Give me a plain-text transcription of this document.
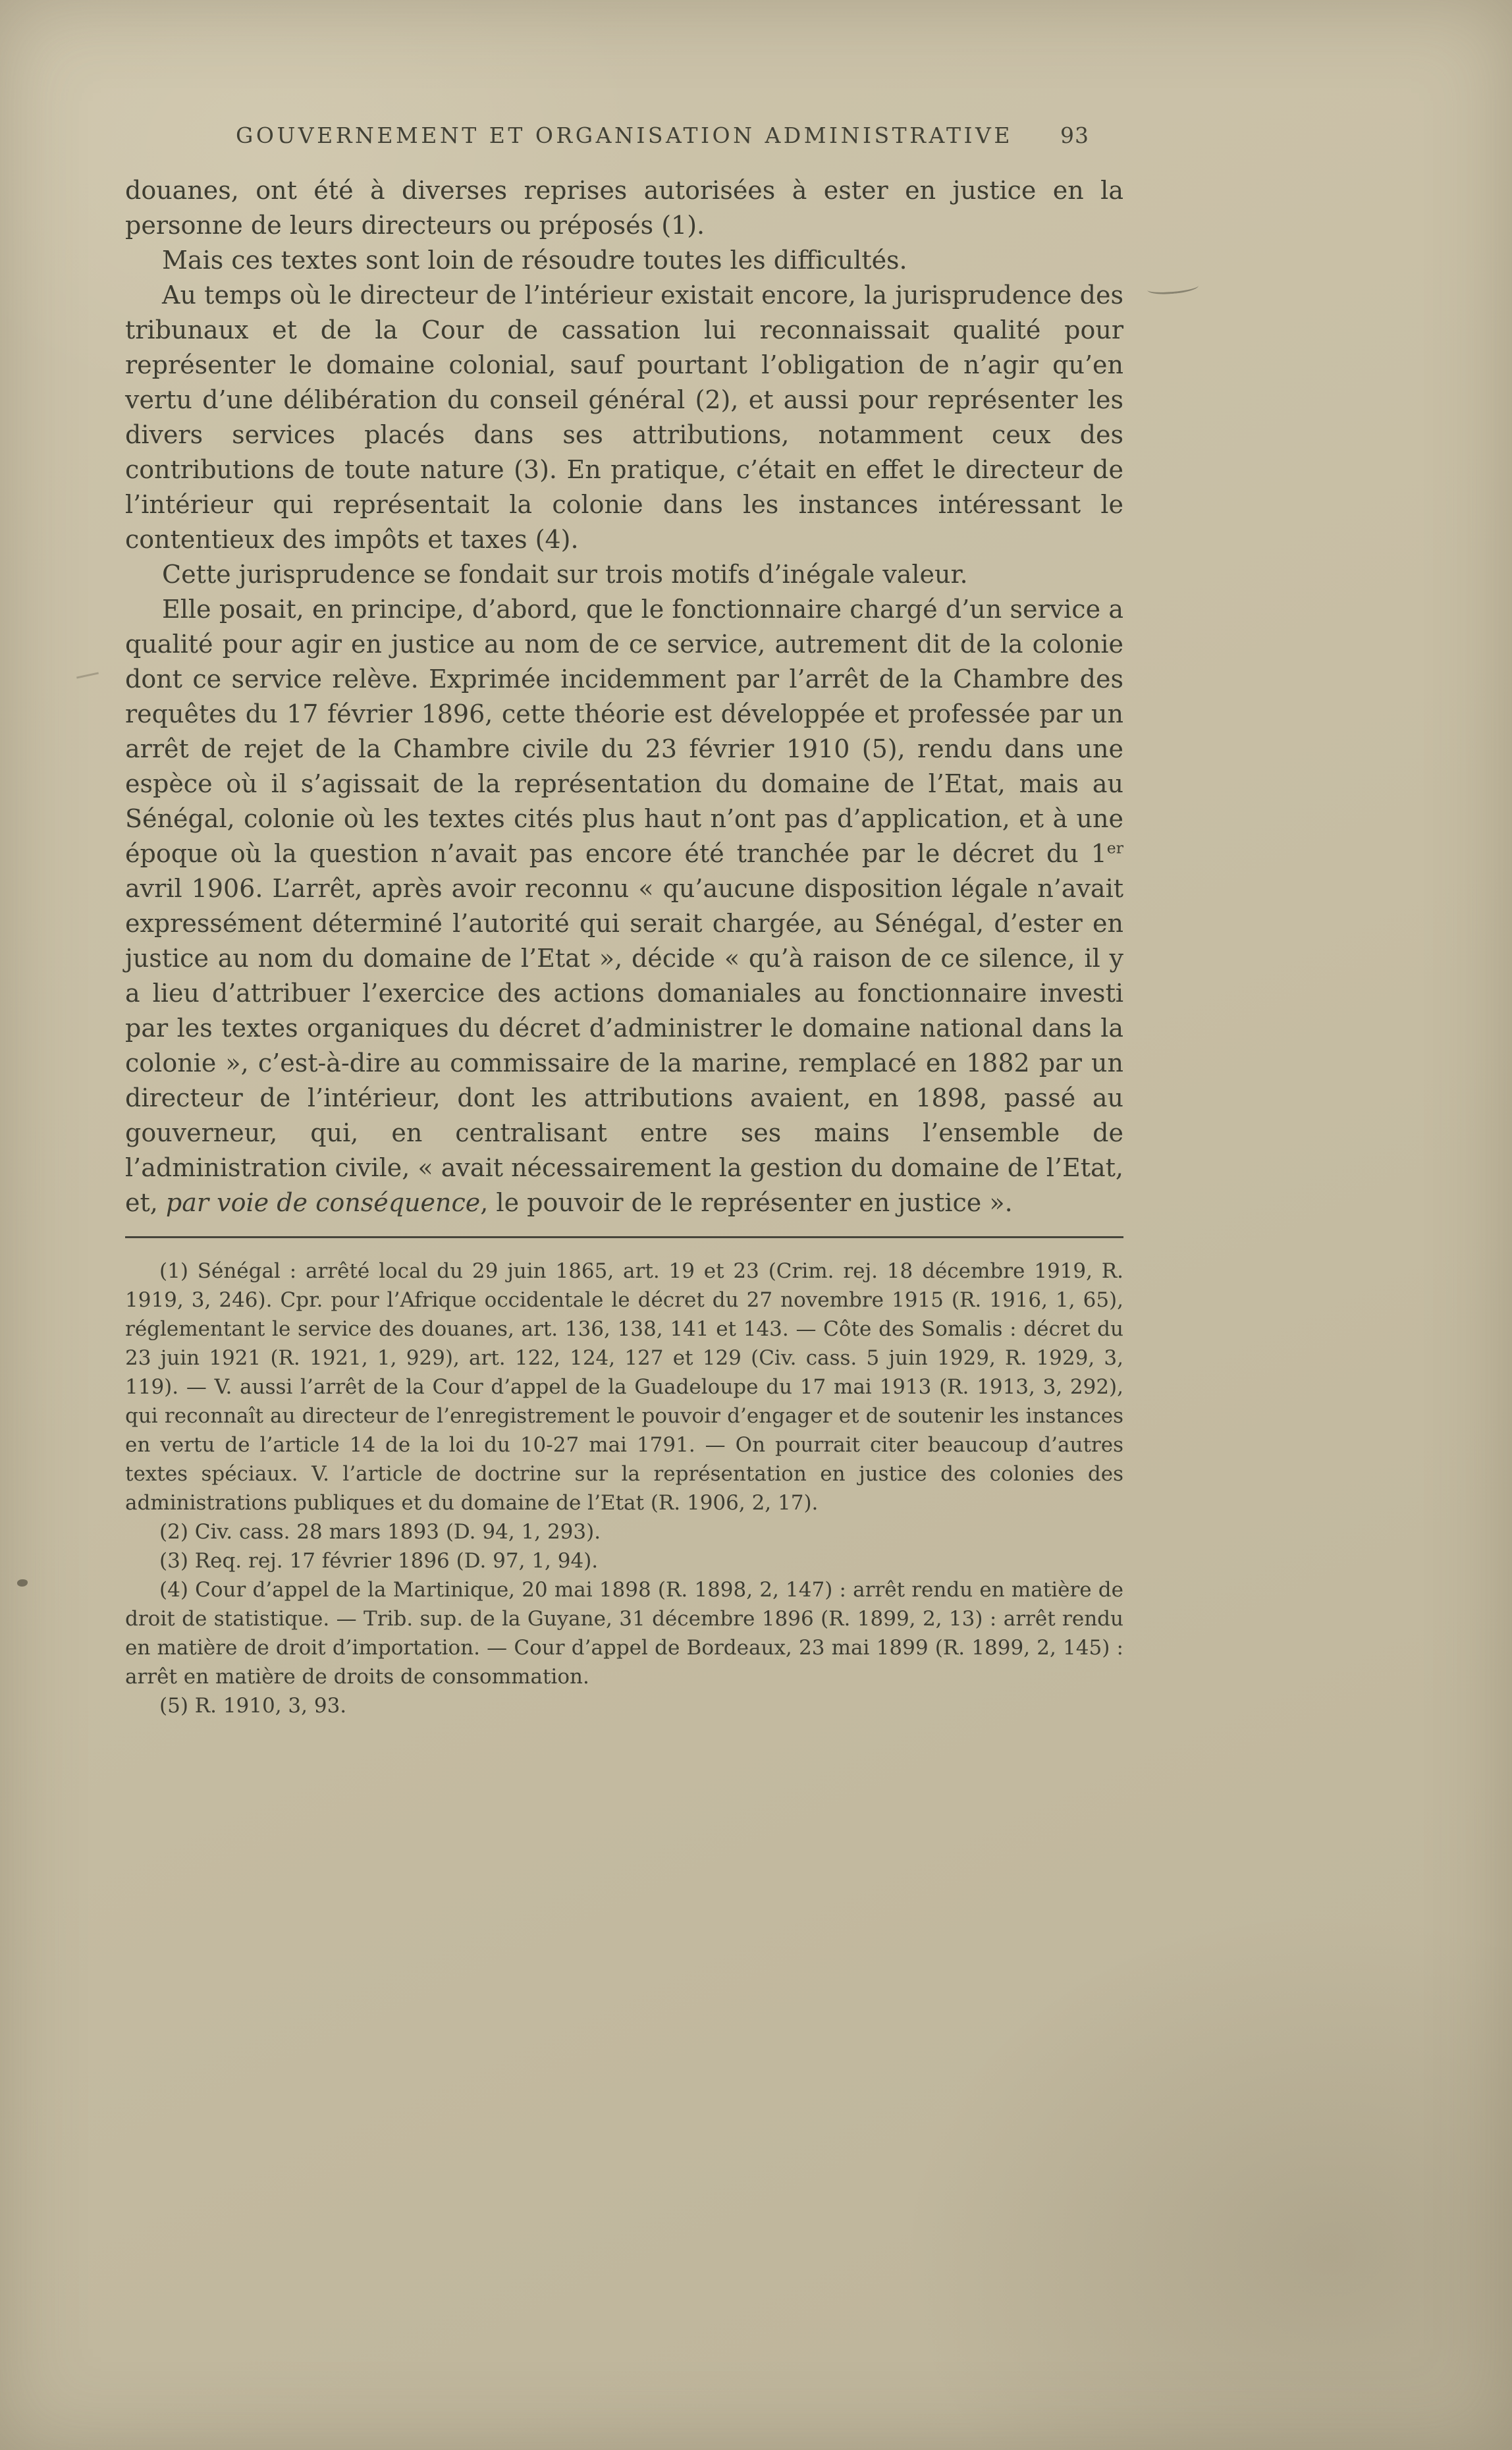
GOUVERNEMENT ET ORGANISATION ADMINISTRATIVE 93

douanes, ont été à diverses reprises autorisées à ester en justice en la personne de leurs directeurs ou préposés (1).

Mais ces textes sont loin de résoudre toutes les difficultés.

Au temps où le directeur de l’intérieur existait encore, la jurisprudence des tribunaux et de la Cour de cassation lui reconnaissait qualité pour représenter le domaine colonial, sauf pourtant l’obligation de n’agir qu’en vertu d’une délibération du conseil général (2), et aussi pour représenter les divers services placés dans ses attributions, notamment ceux des contributions de toute nature (3). En pratique, c’était en effet le directeur de l’intérieur qui représentait la colonie dans les instances intéressant le contentieux des impôts et taxes (4).

Cette jurisprudence se fondait sur trois motifs d’inégale valeur.

Elle posait, en principe, d’abord, que le fonctionnaire chargé d’un service a qualité pour agir en justice au nom de ce service, autrement dit de la colonie dont ce service relève. Exprimée incidemment par l’arrêt de la Chambre des requêtes du 17 février 1896, cette théorie est développée et professée par un arrêt de rejet de la Chambre civile du 23 février 1910 (5), rendu dans une espèce où il s’agissait de la représentation du domaine de l’Etat, mais au Sénégal, colonie où les textes cités plus haut n’ont pas d’application, et à une époque où la question n’avait pas encore été tranchée par le décret du 1er avril 1906. L’arrêt, après avoir reconnu « qu’aucune disposition légale n’avait expressément déterminé l’autorité qui serait chargée, au Sénégal, d’ester en justice au nom du domaine de l’Etat », décide « qu’à raison de ce silence, il y a lieu d’attribuer l’exercice des actions domaniales au fonctionnaire investi par les textes organiques du décret d’administrer le domaine national dans la colonie », c’est-à-dire au commissaire de la marine, remplacé en 1882 par un directeur de l’intérieur, dont les attributions avaient, en 1898, passé au gouverneur, qui, en centralisant entre ses mains l’ensemble de l’administration civile, « avait nécessairement la gestion du domaine de l’Etat, et, par voie de conséquence, le pouvoir de le représenter en justice ».

(1) Sénégal : arrêté local du 29 juin 1865, art. 19 et 23 (Crim. rej. 18 décembre 1919, R. 1919, 3, 246). Cpr. pour l’Afrique occidentale le décret du 27 novembre 1915 (R. 1916, 1, 65), réglementant le service des douanes, art. 136, 138, 141 et 143. — Côte des Somalis : décret du 23 juin 1921 (R. 1921, 1, 929), art. 122, 124, 127 et 129 (Civ. cass. 5 juin 1929, R. 1929, 3, 119). — V. aussi l’arrêt de la Cour d’appel de la Guadeloupe du 17 mai 1913 (R. 1913, 3, 292), qui reconnaît au directeur de l’enregistrement le pouvoir d’engager et de soutenir les instances en vertu de l’article 14 de la loi du 10-27 mai 1791. — On pourrait citer beaucoup d’autres textes spéciaux. V. l’article de doctrine sur la représentation en justice des colonies des administrations publiques et du domaine de l’Etat (R. 1906, 2, 17).

(2) Civ. cass. 28 mars 1893 (D. 94, 1, 293).

(3) Req. rej. 17 février 1896 (D. 97, 1, 94).

(4) Cour d’appel de la Martinique, 20 mai 1898 (R. 1898, 2, 147) : arrêt rendu en matière de droit de statistique. — Trib. sup. de la Guyane, 31 décembre 1896 (R. 1899, 2, 13) : arrêt rendu en matière de droit d’importation. — Cour d’appel de Bordeaux, 23 mai 1899 (R. 1899, 2, 145) : arrêt en matière de droits de consommation.

(5) R. 1910, 3, 93.
